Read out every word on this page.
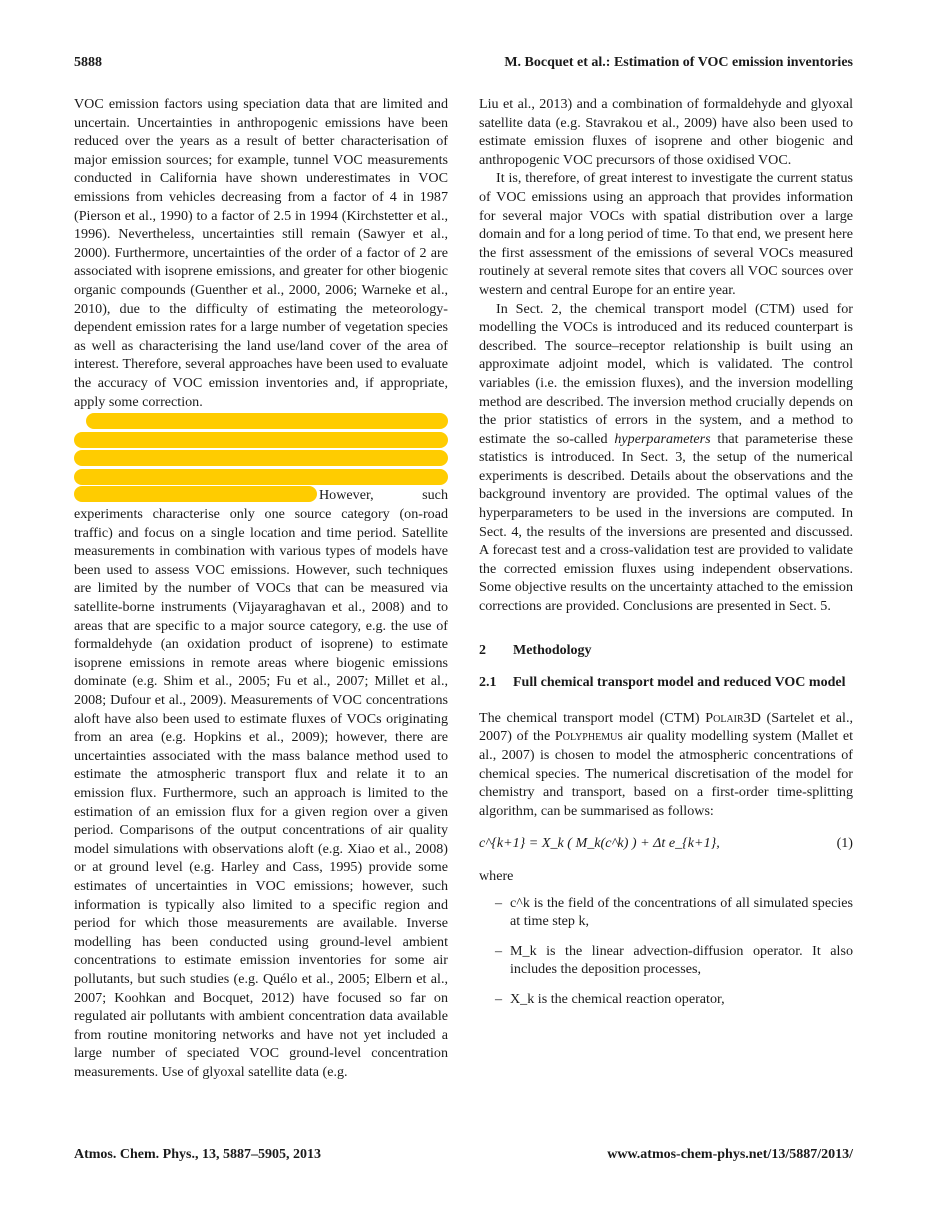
5888	M. Bocquet et al.: Estimation of VOC emission inventories

VOC emission factors using speciation data that are limited and uncertain. Uncertainties in anthropogenic emissions have been reduced over the years as a result of better characterisation of major emission sources; for example, tunnel VOC measurements conducted in California have shown underestimates in VOC emissions from vehicles decreasing from a factor of 4 in 1987 (Pierson et al., 1990) to a factor of 2.5 in 1994 (Kirchstetter et al., 1996). Nevertheless, uncertainties still remain (Sawyer et al., 2000). Furthermore, uncertainties of the order of a factor of 2 are associated with isoprene emissions, and greater for other biogenic organic compounds (Guenther et al., 2000, 2006; Warneke et al., 2010), due to the difficulty of estimating the meteorology-dependent emission rates for a large number of vegetation species as well as characterising the land use/land cover of the area of interest. Therefore, several approaches have been used to evaluate the accuracy of VOC emission inventories and, if appropriate, apply some correction.

However, such experiments characterise only one source category (on-road traffic) and focus on a single location and time period. Satellite measurements in combination with various types of models have been used to assess VOC emissions. However, such techniques are limited by the number of VOCs that can be measured via satellite-borne instruments (Vijayaraghavan et al., 2008) and to areas that are specific to a major source category, e.g. the use of formaldehyde (an oxidation product of isoprene) to estimate isoprene emissions in remote areas where biogenic emissions dominate (e.g. Shim et al., 2005; Fu et al., 2007; Millet et al., 2008; Dufour et al., 2009). Measurements of VOC concentrations aloft have also been used to estimate fluxes of VOCs originating from an area (e.g. Hopkins et al., 2009); however, there are uncertainties associated with the mass balance method used to estimate the atmospheric transport flux and relate it to an emission flux. Furthermore, such an approach is limited to the estimation of an emission flux for a given region over a given period. Comparisons of the output concentrations of air quality model simulations with observations aloft (e.g. Xiao et al., 2008) or at ground level (e.g. Harley and Cass, 1995) provide some estimates of uncertainties in VOC emissions; however, such information is typically also limited to a specific region and period for which those measurements are available. Inverse modelling has been conducted using ground-level ambient concentrations to estimate emission inventories for some air pollutants, but such studies (e.g. Quélo et al., 2005; Elbern et al., 2007; Koohkan and Bocquet, 2012) have focused so far on regulated air pollutants with ambient concentration data available from routine monitoring networks and have not yet included a large number of speciated VOC ground-level concentration measurements. Use of glyoxal satellite data (e.g.

Liu et al., 2013) and a combination of formaldehyde and glyoxal satellite data (e.g. Stavrakou et al., 2009) have also been used to estimate emission fluxes of isoprene and other biogenic and anthropogenic VOC precursors of those oxidised VOC.

It is, therefore, of great interest to investigate the current status of VOC emissions using an approach that provides information for several major VOCs with spatial distribution over a large domain and for a long period of time. To that end, we present here the first assessment of the emissions of several VOCs measured routinely at several remote sites that covers all VOC sources over western and central Europe for an entire year.

In Sect. 2, the chemical transport model (CTM) used for modelling the VOCs is introduced and its reduced counterpart is described. The source–receptor relationship is built using an approximate adjoint model, which is validated. The control variables (i.e. the emission fluxes), and the inversion modelling method are described. The inversion method crucially depends on the prior statistics of errors in the system, and a method to estimate the so-called hyperparameters that parameterise these statistics is introduced. In Sect. 3, the setup of the numerical experiments is described. Details about the observations and the background inventory are provided. The optimal values of the hyperparameters to be used in the inversions are computed. In Sect. 4, the results of the inversions are presented and discussed. A forecast test and a cross-validation test are provided to validate the corrected emission fluxes using independent observations. Some objective results on the uncertainty attached to the emission corrections are provided. Conclusions are presented in Sect. 5.

2 Methodology
2.1	Full chemical transport model and reduced VOC model

The chemical transport model (CTM) Polair3D (Sartelet et al., 2007) of the Polyphemus air quality modelling system (Mallet et al., 2007) is chosen to model the atmospheric concentrations of chemical species. The numerical discretisation of the model for chemistry and transport, based on a first-order time-splitting algorithm, can be summarised as follows:

c^{k+1} = X_k ( M_k(c^k) ) + Δt e_{k+1},	(1)

where

– c^k is the field of the concentrations of all simulated species at time step k,
– M_k is the linear advection-diffusion operator. It also includes the deposition processes,
– X_k is the chemical reaction operator,
Atmos. Chem. Phys., 13, 5887–5905, 2013	www.atmos-chem-phys.net/13/5887/2013/
